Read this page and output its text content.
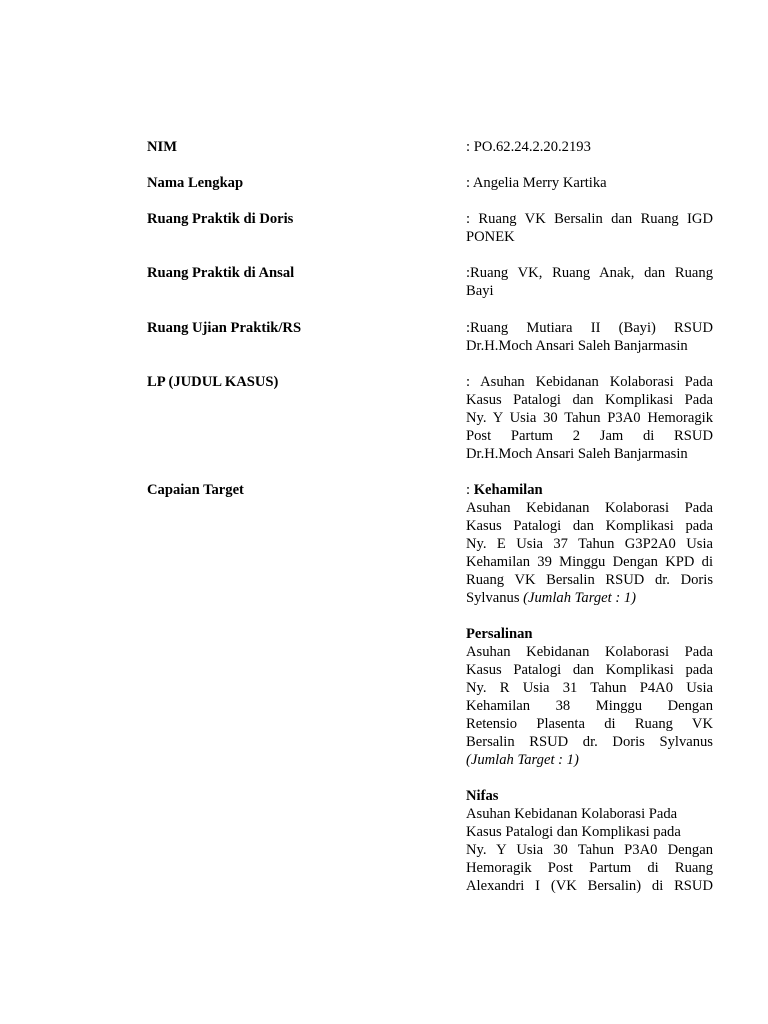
NIM	: PO.62.24.2.20.2193
Nama Lengkap	: Angelia Merry Kartika
Ruang Praktik di Doris	: Ruang VK Bersalin dan Ruang IGD
PONEK
Ruang Praktik di Ansal	:Ruang VK, Ruang Anak, dan Ruang
Bayi
Ruang Ujian Praktik/RS	:Ruang Mutiara II (Bayi) RSUD
Dr.H.Moch Ansari Saleh Banjarmasin
LP (JUDUL KASUS)	: Asuhan Kebidanan Kolaborasi Pada
Kasus Patalogi dan Komplikasi Pada
Ny. Y Usia 30 Tahun P3A0 Hemoragik
Post Partum 2 Jam di RSUD
Dr.H.Moch Ansari Saleh Banjarmasin
Capaian Target	: Kehamilan
Asuhan Kebidanan Kolaborasi Pada
Kasus Patalogi dan Komplikasi pada
Ny. E Usia 37 Tahun G3P2A0 Usia
Kehamilan 39 Minggu Dengan KPD di
Ruang VK Bersalin RSUD dr. Doris
Sylvanus (Jumlah Target : 1)

Persalinan
Asuhan Kebidanan Kolaborasi Pada
Kasus Patalogi dan Komplikasi pada
Ny. R Usia 31 Tahun P4A0 Usia
Kehamilan 38 Minggu Dengan
Retensio Plasenta di Ruang VK
Bersalin RSUD dr. Doris Sylvanus
(Jumlah Target : 1)

Nifas
Asuhan Kebidanan Kolaborasi Pada
Kasus Patalogi dan Komplikasi pada
Ny. Y Usia 30 Tahun P3A0 Dengan
Hemoragik Post Partum di Ruang
Alexandri I (VK Bersalin) di RSUD
